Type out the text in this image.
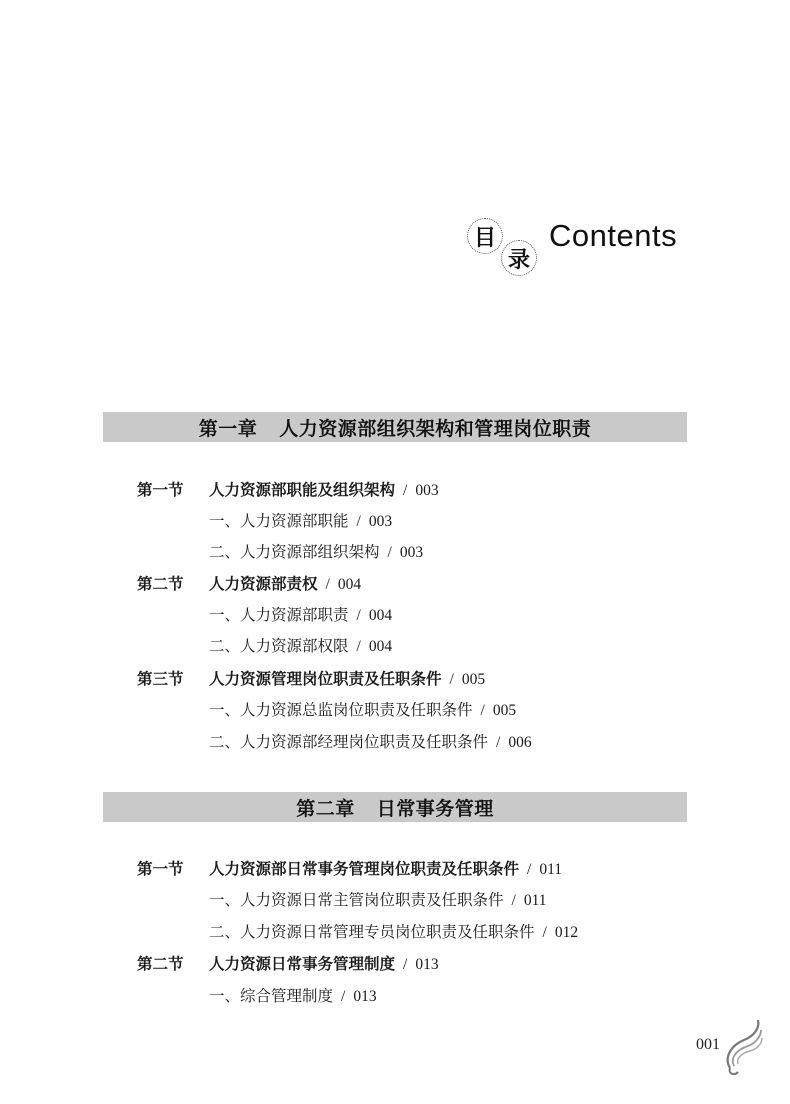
目
录
Contents
第一章 人力资源部组织架构和管理岗位职责
第一节 人力资源部职能及组织架构 / 003
一、人力资源部职能 / 003
二、人力资源部组织架构 / 003
第二节 人力资源部责权 / 004
一、人力资源部职责 / 004
二、人力资源部权限 / 004
第三节 人力资源管理岗位职责及任职条件 / 005
一、人力资源总监岗位职责及任职条件 / 005
二、人力资源部经理岗位职责及任职条件 / 006
第二章 日常事务管理
第一节 人力资源部日常事务管理岗位职责及任职条件 / 011
一、人力资源日常主管岗位职责及任职条件 / 011
二、人力资源日常管理专员岗位职责及任职条件 / 012
第二节 人力资源日常事务管理制度 / 013
一、综合管理制度 / 013
001
